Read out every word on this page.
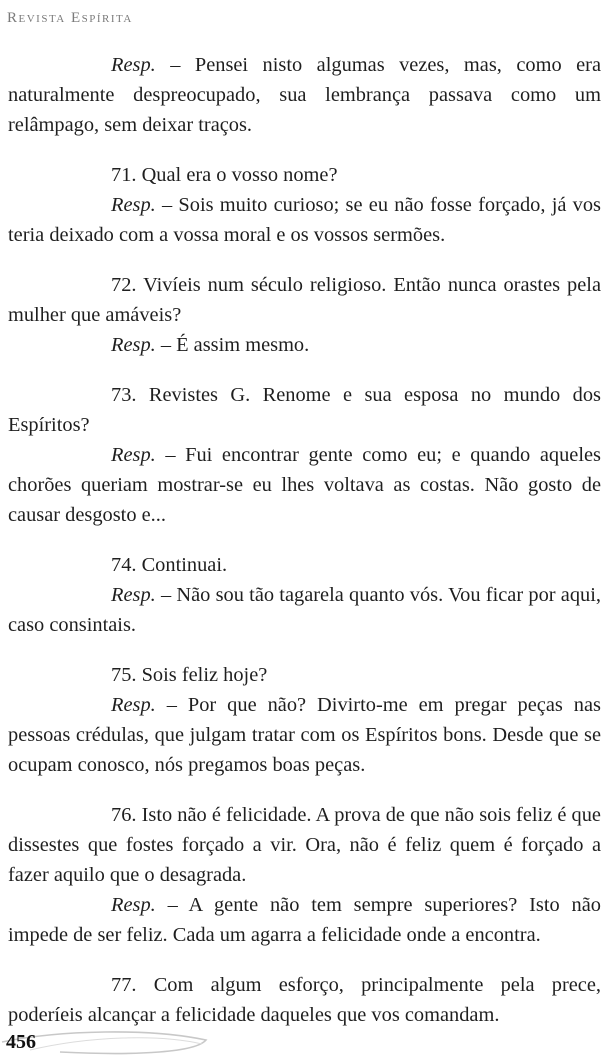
Revista Espírita

Resp. – Pensei nisto algumas vezes, mas, como era naturalmente despreocupado, sua lembrança passava como um relâmpago, sem deixar traços.

71. Qual era o vosso nome?

Resp. – Sois muito curioso; se eu não fosse forçado, já vos teria deixado com a vossa moral e os vossos sermões.

72. Vivíeis num século religioso. Então nunca orastes pela mulher que amáveis?

Resp. – É assim mesmo.

73. Revistes G. Renome e sua esposa no mundo dos Espíritos?

Resp. – Fui encontrar gente como eu; e quando aqueles chorões queriam mostrar-se eu lhes voltava as costas. Não gosto de causar desgosto e...

74. Continuai.

Resp. – Não sou tão tagarela quanto vós. Vou ficar por aqui, caso consintais.

75. Sois feliz hoje?

Resp. – Por que não? Divirto-me em pregar peças nas pessoas crédulas, que julgam tratar com os Espíritos bons. Desde que se ocupam conosco, nós pregamos boas peças.

76. Isto não é felicidade. A prova de que não sois feliz é que dissestes que fostes forçado a vir. Ora, não é feliz quem é forçado a fazer aquilo que o desagrada.

Resp. – A gente não tem sempre superiores? Isto não impede de ser feliz. Cada um agarra a felicidade onde a encontra.

77. Com algum esforço, principalmente pela prece, poderíeis alcançar a felicidade daqueles que vos comandam.

456
